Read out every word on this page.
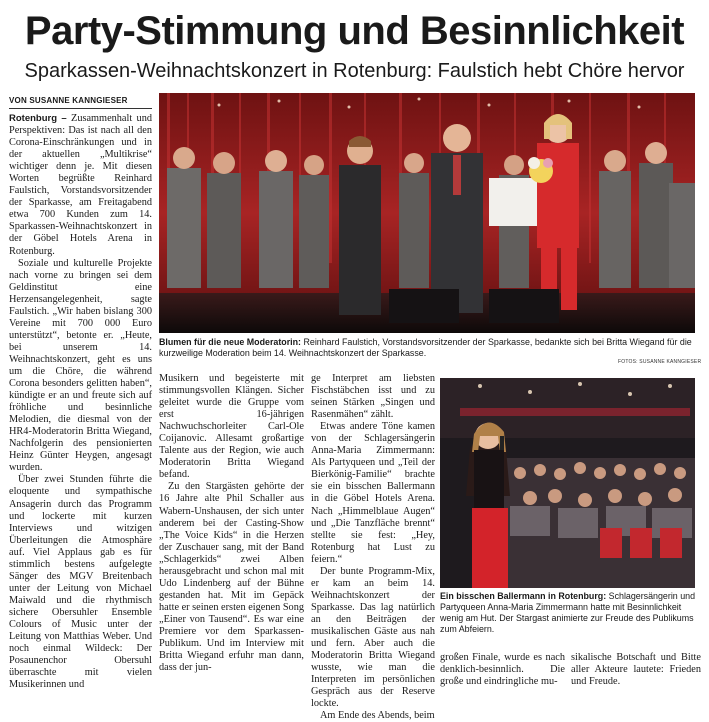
Party-Stimmung und Besinnlichkeit
Sparkassen-Weihnachtskonzert in Rotenburg: Faulstich hebt Chöre hervor
VON SUSANNE KANNGIESER

Rotenburg – Zusammenhalt und Perspektiven: Das ist nach all den Corona-Einschränkungen und in der aktuellen „Multikrise“ wichtiger denn je. Mit diesen Worten begrüßte Reinhard Faulstich, Vorstandsvorsitzender der Sparkasse, am Freitagabend etwa 700 Kunden zum 14. Sparkassen-Weihnachtskonzert in der Göbel Hotels Arena in Rotenburg.

Soziale und kulturelle Projekte nach vorne zu bringen sei dem Geldinstitut eine Herzensangelegenheit, sagte Faulstich. „Wir haben bislang 300 Vereine mit 700 000 Euro unterstützt“, betonte er. „Heute, bei unserem 14. Weihnachtskonzert, geht es uns um die Chöre, die während Corona besonders gelitten haben“, kündigte er an und freute sich auf fröhliche und besinnliche Melodien, die diesmal von der HR4-Moderatorin Britta Wiegand, Nachfolgerin des pensionierten Heinz Günter Heygen, angesagt wurden.

Über zwei Stunden führte die eloquente und sympathische Ansagerin durch das Programm und lockerte mit kurzen Interviews und witzigen Überleitungen die Atmosphäre auf. Viel Applaus gab es für stimmlich bestens aufgelegte Sänger des MGV Breitenbach unter der Leitung von Michael Maiwald und die rhythmisch sichere Obersuhler Ensemble Colours of Music unter der Leitung von Matthias Weber. Und noch einmal Wildeck: Der Posaunenchor Obersuhl überraschte mit vielen Musikerinnen und

Musikern und begeisterte mit stimmungsvollen Klängen. Sicher geleitet wurde die Gruppe vom erst 16-jährigen Nachwuchschorleiter Carl-Ole Coijanovic. Allesamt großartige Talente aus der Region, wie auch Moderatorin Britta Wiegand befand.

Zu den Stargästen gehörte der 16 Jahre alte Phil Schaller aus Wabern-Unshausen, der sich unter anderem bei der Casting-Show „The Voice Kids“ in die Herzen der Zuschauer sang, mit der Band „Schlagerkids“ zwei Alben herausgebracht und schon mal mit Udo Lindenberg auf der Bühne gestanden hat. Mit im Gepäck hatte er seinen ersten eigenen Song „Einer von Tausend“. Es war eine Premiere vor dem Sparkassen-Publikum. Und im Interview mit Britta Wiegand erfuhr man dann, dass der jun-

ge Interpret am liebsten Fischstäbchen isst und zu seinen Stärken „Singen und Rasenmähen“ zählt.

Etwas andere Töne kamen von der Schlagersängerin Anna-Maria Zimmermann: Als Partyqueen und „Teil der Bierkönig-Familie“ brachte sie ein bisschen Ballermann in die Göbel Hotels Arena. Nach „Himmelblaue Augen“ und „Die Tanzfläche brennt“ stellte sie fest: „Hey, Rotenburg hat Lust zu feiern.“

Der bunte Programm-Mix, er kam an beim 14. Weihnachtskonzert der Sparkasse. Das lag natürlich an den Beiträgen der musikalischen Gäste aus nah und fern. Aber auch die Moderatorin Britta Wiegand wusste, wie man die Interpreten im persönlichen Gespräch aus der Reserve lockte.

Am Ende des Abends, beim

großen Finale, wurde es nach denklich-besinnlich. Die große und eindringliche mu-

sikalische Botschaft und Bitte aller Akteure lautete: Frieden und Freude.

Blumen für die neue Moderatorin: Reinhard Faulstich, Vorstandsvorsitzender der Sparkasse, bedankte sich bei Britta Wiegand für die kurzweilige Moderation beim 14. Weihnachtskonzert der Sparkasse.
FOTOS: SUSANNE KANNGIESER
Ein bisschen Ballermann in Rotenburg: Schlagersängerin und Partyqueen Anna-Maria Zimmermann hatte mit Besinnlichkeit wenig am Hut. Der Stargast animierte zur Freude des Publikums zum Abfeiern.
